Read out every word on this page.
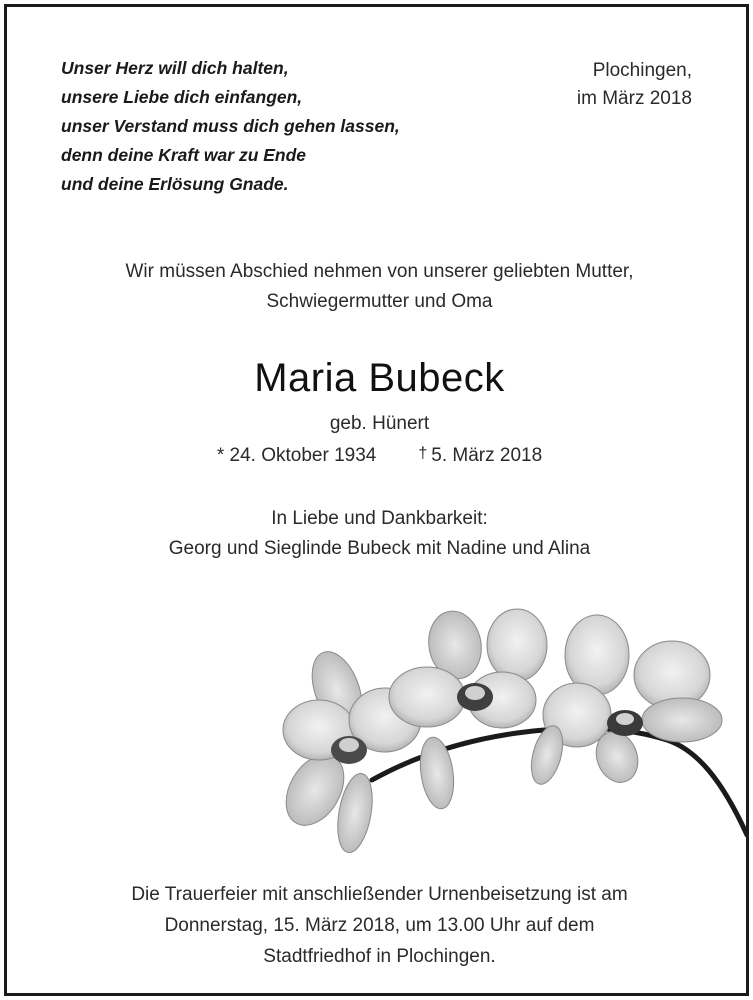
Unser Herz will dich halten,
unsere Liebe dich einfangen,
unser Verstand muss dich gehen lassen,
denn deine Kraft war zu Ende
und deine Erlösung Gnade.
Plochingen,
im März 2018
Wir müssen Abschied nehmen von unserer geliebten Mutter,
Schwiegermutter und Oma
Maria Bubeck
geb. Hünert
* 24. Oktober 1934	† 5. März 2018
In Liebe und Dankbarkeit:
Georg und Sieglinde Bubeck mit Nadine und Alina
Die Trauerfeier mit anschließender Urnenbeisetzung ist am
Donnerstag, 15. März 2018, um 13.00 Uhr auf dem
Stadtfriedhof in Plochingen.
